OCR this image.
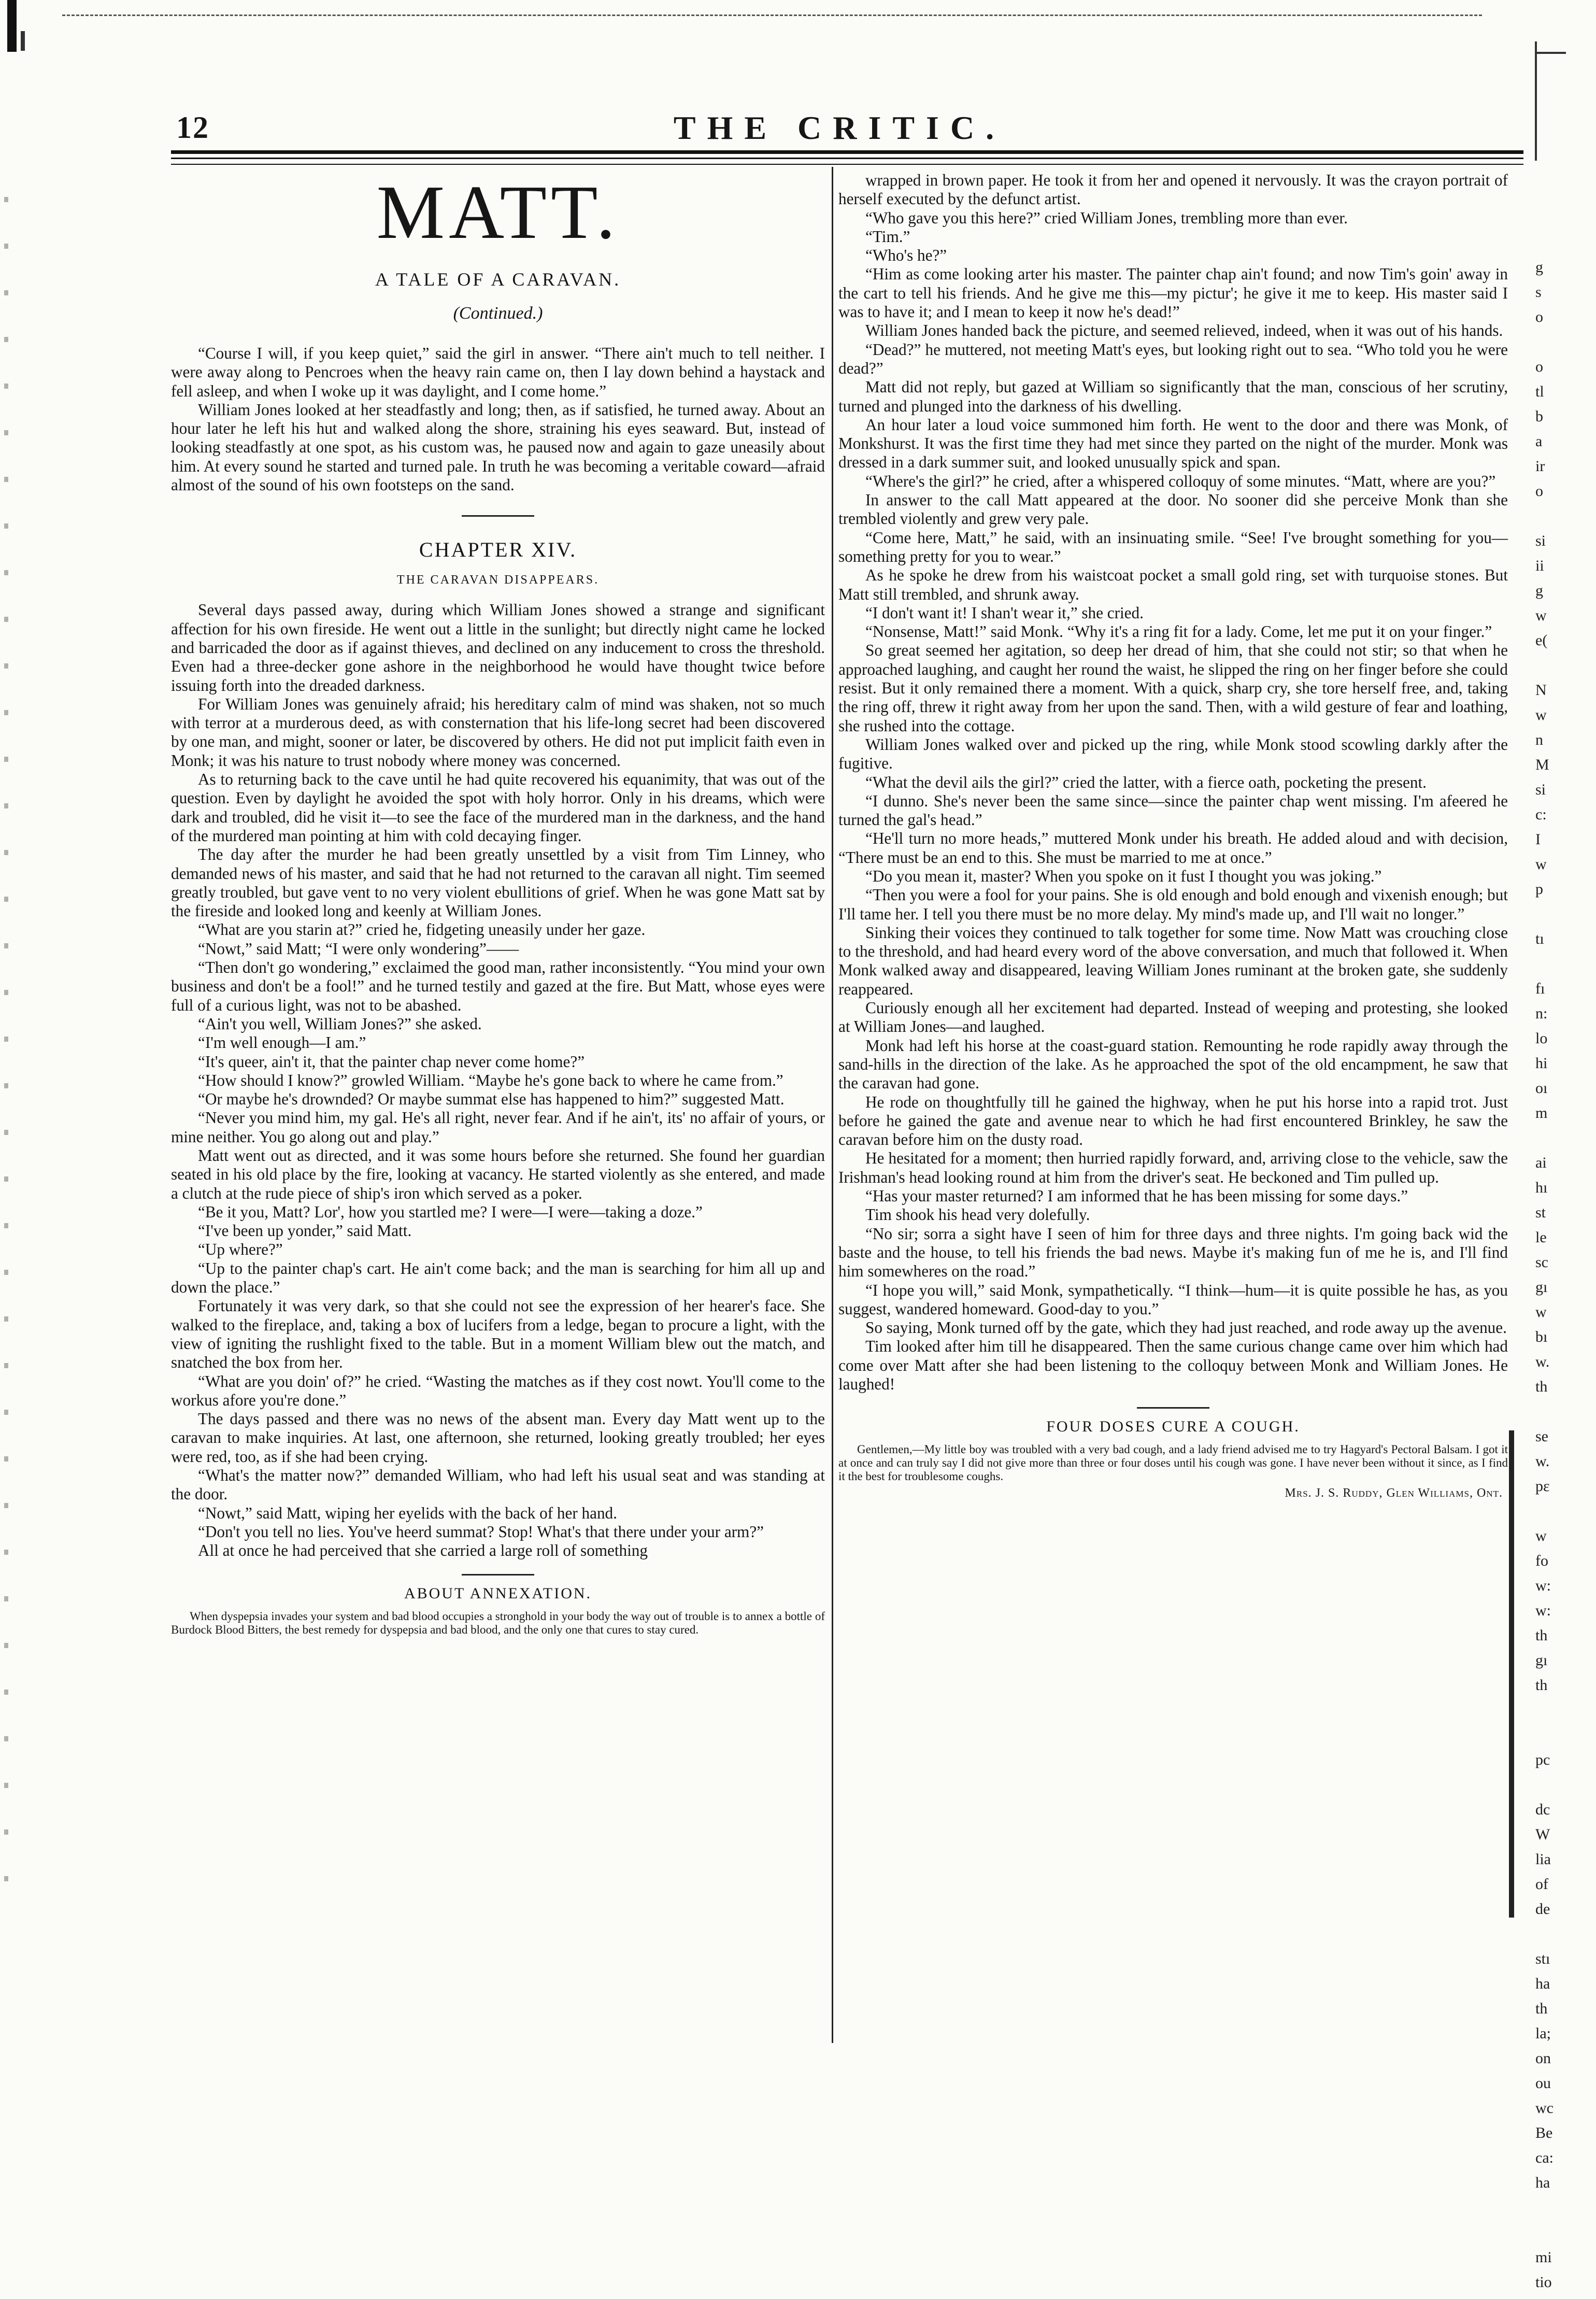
12	THE CRITIC.
MATT.
A TALE OF A CARAVAN.
(Continued.)

“Course I will, if you keep quiet,” said the girl in answer. “There ain't much to tell neither. I were away along to Pencroes when the heavy rain came on, then I lay down behind a haystack and fell asleep, and when I woke up it was daylight, and I come home.”

William Jones looked at her steadfastly and long; then, as if satisfied, he turned away. About an hour later he left his hut and walked along the shore, straining his eyes seaward. But, instead of looking steadfastly at one spot, as his custom was, he paused now and again to gaze uneasily about him. At every sound he started and turned pale. In truth he was becoming a veritable coward—afraid almost of the sound of his own footsteps on the sand.

CHAPTER XIV.
THE CARAVAN DISAPPEARS.

Several days passed away, during which William Jones showed a strange and significant affection for his own fireside. He went out a little in the sunlight; but directly night came he locked and barricaded the door as if against thieves, and declined on any inducement to cross the threshold. Even had a three-decker gone ashore in the neighborhood he would have thought twice before issuing forth into the dreaded darkness.

For William Jones was genuinely afraid; his hereditary calm of mind was shaken, not so much with terror at a murderous deed, as with consternation that his life-long secret had been discovered by one man, and might, sooner or later, be discovered by others. He did not put implicit faith even in Monk; it was his nature to trust nobody where money was concerned.

As to returning back to the cave until he had quite recovered his equanimity, that was out of the question. Even by daylight he avoided the spot with holy horror. Only in his dreams, which were dark and troubled, did he visit it—to see the face of the murdered man in the darkness, and the hand of the murdered man pointing at him with cold decaying finger.

The day after the murder he had been greatly unsettled by a visit from Tim Linney, who demanded news of his master, and said that he had not returned to the caravan all night. Tim seemed greatly troubled, but gave vent to no very violent ebullitions of grief. When he was gone Matt sat by the fireside and looked long and keenly at William Jones.

“What are you starin at?” cried he, fidgeting uneasily under her gaze.

“Nowt,” said Matt; “I were only wondering”——

“Then don't go wondering,” exclaimed the good man, rather inconsistently. “You mind your own business and don't be a fool!” and he turned testily and gazed at the fire. But Matt, whose eyes were full of a curious light, was not to be abashed.

“Ain't you well, William Jones?” she asked.

“I'm well enough—I am.”

“It's queer, ain't it, that the painter chap never come home?”

“How should I know?” growled William. “Maybe he's gone back to where he came from.”

“Or maybe he's drownded? Or maybe summat else has happened to him?” suggested Matt.

“Never you mind him, my gal. He's all right, never fear. And if he ain't, its' no affair of yours, or mine neither. You go along out and play.”

Matt went out as directed, and it was some hours before she returned. She found her guardian seated in his old place by the fire, looking at vacancy. He started violently as she entered, and made a clutch at the rude piece of ship's iron which served as a poker.

“Be it you, Matt? Lor', how you startled me? I were—I were—taking a doze.”

“I've been up yonder,” said Matt.

“Up where?”

“Up to the painter chap's cart. He ain't come back; and the man is searching for him all up and down the place.”

Fortunately it was very dark, so that she could not see the expression of her hearer's face. She walked to the fireplace, and, taking a box of lucifers from a ledge, began to procure a light, with the view of igniting the rushlight fixed to the table. But in a moment William blew out the match, and snatched the box from her.

“What are you doin' of?” he cried. “Wasting the matches as if they cost nowt. You'll come to the workus afore you're done.”

The days passed and there was no news of the absent man. Every day Matt went up to the caravan to make inquiries. At last, one afternoon, she returned, looking greatly troubled; her eyes were red, too, as if she had been crying.

“What's the matter now?” demanded William, who had left his usual seat and was standing at the door.

“Nowt,” said Matt, wiping her eyelids with the back of her hand.

“Don't you tell no lies. You've heerd summat? Stop! What's that there under your arm?”

All at once he had perceived that she carried a large roll of something

ABOUT ANNEXATION.

When dyspepsia invades your system and bad blood occupies a stronghold in your body the way out of trouble is to annex a bottle of Burdock Blood Bitters, the best remedy for dyspepsia and bad blood, and the only one that cures to stay cured.

wrapped in brown paper. He took it from her and opened it nervously. It was the crayon portrait of herself executed by the defunct artist.

“Who gave you this here?” cried William Jones, trembling more than ever.

“Tim.”

“Who's he?”

“Him as come looking arter his master. The painter chap ain't found; and now Tim's goin' away in the cart to tell his friends. And he give me this—my pictur'; he give it me to keep. His master said I was to have it; and I mean to keep it now he's dead!”

William Jones handed back the picture, and seemed relieved, indeed, when it was out of his hands.

“Dead?” he muttered, not meeting Matt's eyes, but looking right out to sea. “Who told you he were dead?”

Matt did not reply, but gazed at William so significantly that the man, conscious of her scrutiny, turned and plunged into the darkness of his dwelling.

An hour later a loud voice summoned him forth. He went to the door and there was Monk, of Monkshurst. It was the first time they had met since they parted on the night of the murder. Monk was dressed in a dark summer suit, and looked unusually spick and span.

“Where's the girl?” he cried, after a whispered colloquy of some minutes. “Matt, where are you?”

In answer to the call Matt appeared at the door. No sooner did she perceive Monk than she trembled violently and grew very pale.

“Come here, Matt,” he said, with an insinuating smile. “See! I've brought something for you—something pretty for you to wear.”

As he spoke he drew from his waistcoat pocket a small gold ring, set with turquoise stones. But Matt still trembled, and shrunk away.

“I don't want it! I shan't wear it,” she cried.

“Nonsense, Matt!” said Monk. “Why it's a ring fit for a lady. Come, let me put it on your finger.”

So great seemed her agitation, so deep her dread of him, that she could not stir; so that when he approached laughing, and caught her round the waist, he slipped the ring on her finger before she could resist. But it only remained there a moment. With a quick, sharp cry, she tore herself free, and, taking the ring off, threw it right away from her upon the sand. Then, with a wild gesture of fear and loathing, she rushed into the cottage.

William Jones walked over and picked up the ring, while Monk stood scowling darkly after the fugitive.

“What the devil ails the girl?” cried the latter, with a fierce oath, pocketing the present.

“I dunno. She's never been the same since—since the painter chap went missing. I'm afeered he turned the gal's head.”

“He'll turn no more heads,” muttered Monk under his breath. He added aloud and with decision, “There must be an end to this. She must be married to me at once.”

“Do you mean it, master? When you spoke on it fust I thought you was joking.”

“Then you were a fool for your pains. She is old enough and bold enough and vixenish enough; but I'll tame her. I tell you there must be no more delay. My mind's made up, and I'll wait no longer.”

Sinking their voices they continued to talk together for some time. Now Matt was crouching close to the threshold, and had heard every word of the above conversation, and much that followed it. When Monk walked away and disappeared, leaving William Jones ruminant at the broken gate, she suddenly reappeared.

Curiously enough all her excitement had departed. Instead of weeping and protesting, she looked at William Jones—and laughed.

Monk had left his horse at the coast-guard station. Remounting he rode rapidly away through the sand-hills in the direction of the lake. As he approached the spot of the old encampment, he saw that the caravan had gone.

He rode on thoughtfully till he gained the highway, when he put his horse into a rapid trot. Just before he gained the gate and avenue near to which he had first encountered Brinkley, he saw the caravan before him on the dusty road.

He hesitated for a moment; then hurried rapidly forward, and, arriving close to the vehicle, saw the Irishman's head looking round at him from the driver's seat. He beckoned and Tim pulled up.

“Has your master returned? I am informed that he has been missing for some days.”

Tim shook his head very dolefully.

“No sir; sorra a sight have I seen of him for three days and three nights. I'm going back wid the baste and the house, to tell his friends the bad news. Maybe it's making fun of me he is, and I'll find him somewheres on the road.”

“I hope you will,” said Monk, sympathetically. “I think—hum—it is quite possible he has, as you suggest, wandered homeward. Good-day to you.”

So saying, Monk turned off by the gate, which they had just reached, and rode away up the avenue.

Tim looked after him till he disappeared. Then the same curious change came over him which had come over Matt after she had been listening to the colloquy between Monk and William Jones. He laughed!

FOUR DOSES CURE A COUGH.

Gentlemen,—My little boy was troubled with a very bad cough, and a lady friend advised me to try Hagyard's Pectoral Balsam. I got it at once and can truly say I did not give more than three or four doses until his cough was gone. I have never been without it since, as I find it the best for troublesome coughs.

Mrs. J. S. Ruddy, Glen Williams, Ont.
g
s
o
o
tl
b
a
ir
o
si
ii
g
w
e(
N
w
n
M
si
c:
I
w
p
tı
fı
n:
lo
hi
oı
m
ai
hı
st
le
sc
gı
w
bı
w.
th
se
w.
pε
w
fo
w:
w:
th
gı
th
pc
dc
W
lia
of
de
stı
ha
th
la;
on
ou
wc
Be
ca:
ha
mi
tio
